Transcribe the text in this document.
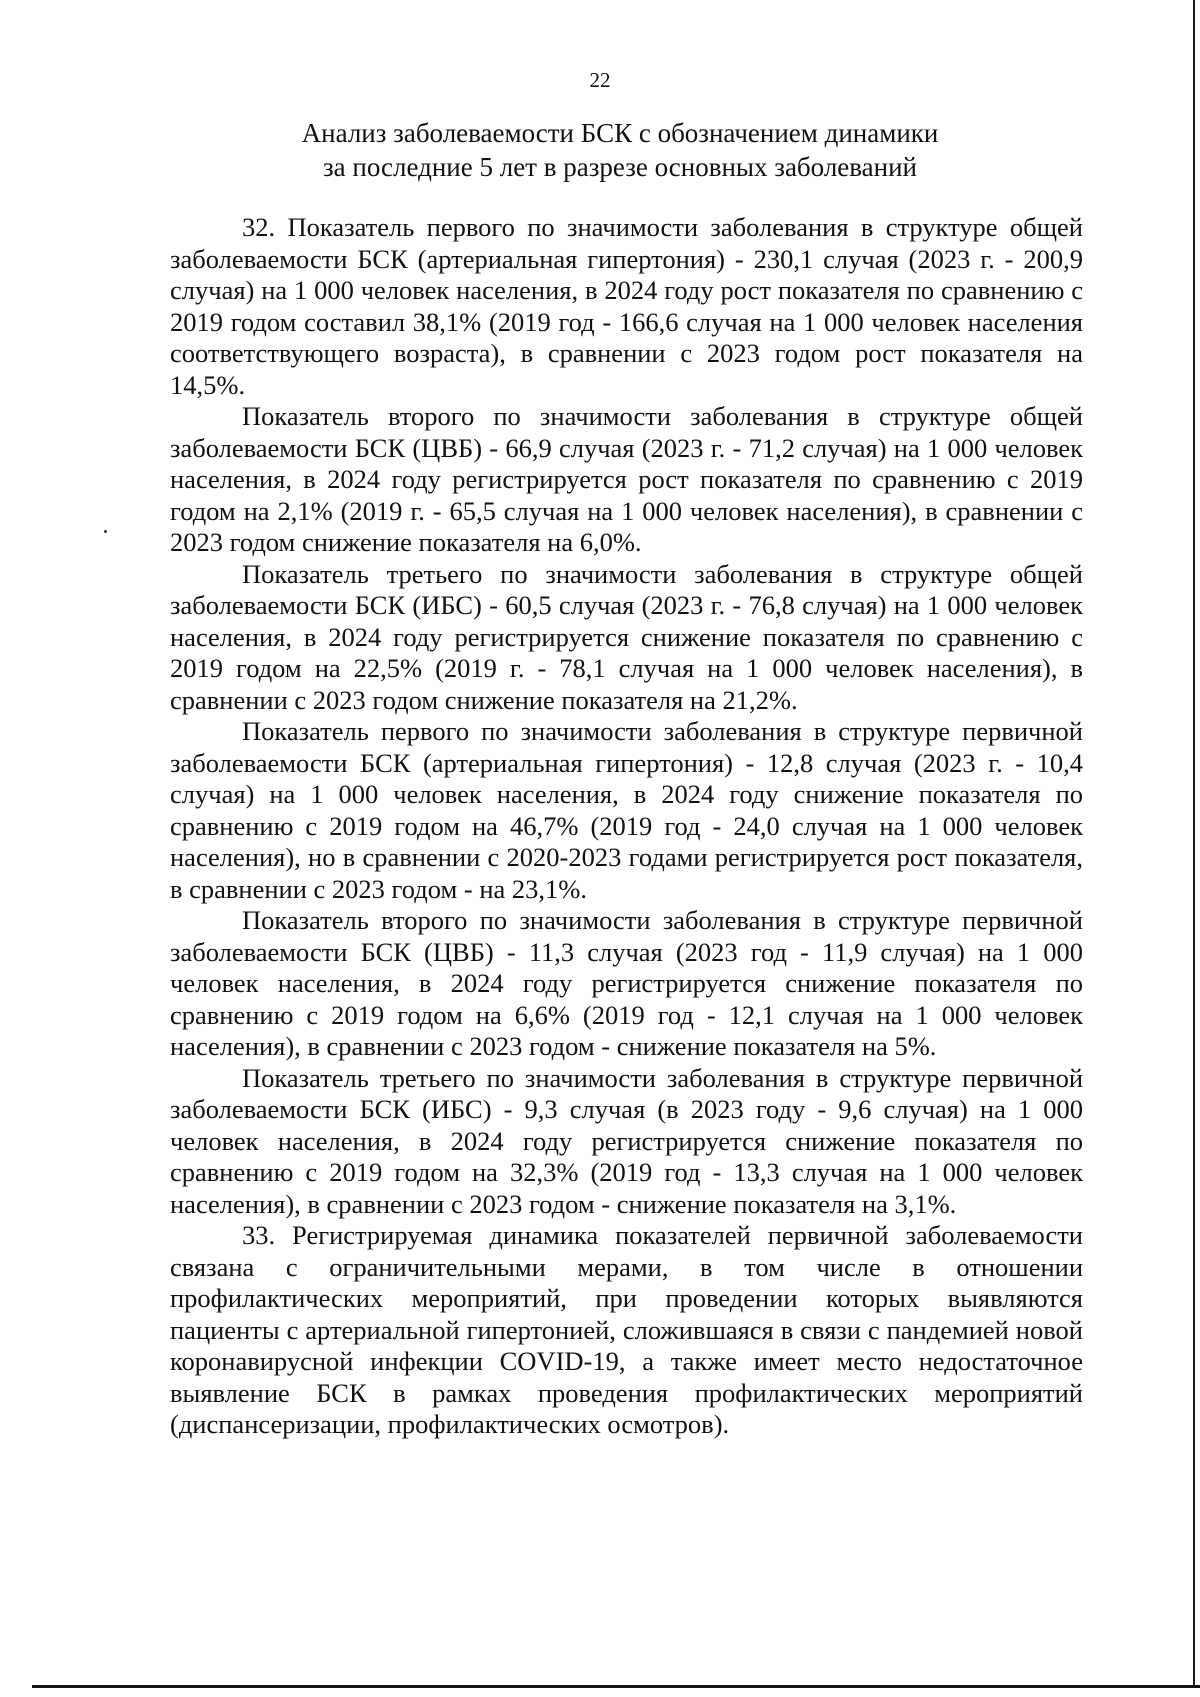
22
Анализ заболеваемости БСК с обозначением динамики
за последние 5 лет в разрезе основных заболеваний

32. Показатель первого по значимости заболевания в структуре общей заболеваемости БСК (артериальная гипертония) - 230,1 случая (2023 г. - 200,9 случая) на 1 000 человек населения, в 2024 году рост показателя по сравнению с 2019 годом составил 38,1% (2019 год - 166,6 случая на 1 000 человек населения соответствующего возраста), в сравнении с 2023 годом рост показателя на 14,5%.

Показатель второго по значимости заболевания в структуре общей заболеваемости БСК (ЦВБ) - 66,9 случая (2023 г. - 71,2 случая) на 1 000 человек населения, в 2024 году регистрируется рост показателя по сравнению с 2019 годом на 2,1% (2019 г. - 65,5 случая на 1 000 человек населения), в сравнении с 2023 годом снижение показателя на 6,0%.

Показатель третьего по значимости заболевания в структуре общей заболеваемости БСК (ИБС) - 60,5 случая (2023 г. - 76,8 случая) на 1 000 человек населения, в 2024 году регистрируется снижение показателя по сравнению с 2019 годом на 22,5% (2019 г. - 78,1 случая на 1 000 человек населения), в сравнении с 2023 годом снижение показателя на 21,2%.

Показатель первого по значимости заболевания в структуре первичной заболеваемости БСК (артериальная гипертония) - 12,8 случая (2023 г. - 10,4 случая) на 1 000 человек населения, в 2024 году снижение показателя по сравнению с 2019 годом на 46,7% (2019 год - 24,0 случая на 1 000 человек населения), но в сравнении с 2020-2023 годами регистрируется рост показателя, в сравнении с 2023 годом - на 23,1%.

Показатель второго по значимости заболевания в структуре первичной заболеваемости БСК (ЦВБ) - 11,3 случая (2023 год - 11,9 случая) на 1 000 человек населения, в 2024 году регистрируется снижение показателя по сравнению с 2019 годом на 6,6% (2019 год - 12,1 случая на 1 000 человек населения), в сравнении с 2023 годом - снижение показателя на 5%.

Показатель третьего по значимости заболевания в структуре первичной заболеваемости БСК (ИБС) - 9,3 случая (в 2023 году - 9,6 случая) на 1 000 человек населения, в 2024 году регистрируется снижение показателя по сравнению с 2019 годом на 32,3% (2019 год - 13,3 случая на 1 000 человек населения), в сравнении с 2023 годом - снижение показателя на 3,1%.

33. Регистрируемая динамика показателей первичной заболеваемости связана с ограничительными мерами, в том числе в отношении профилактических мероприятий, при проведении которых выявляются пациенты с артериальной гипертонией, сложившаяся в связи с пандемией новой коронавирусной инфекции COVID-19, а также имеет место недостаточное выявление БСК в рамках проведения профилактических мероприятий (диспансеризации, профилактических осмотров).
